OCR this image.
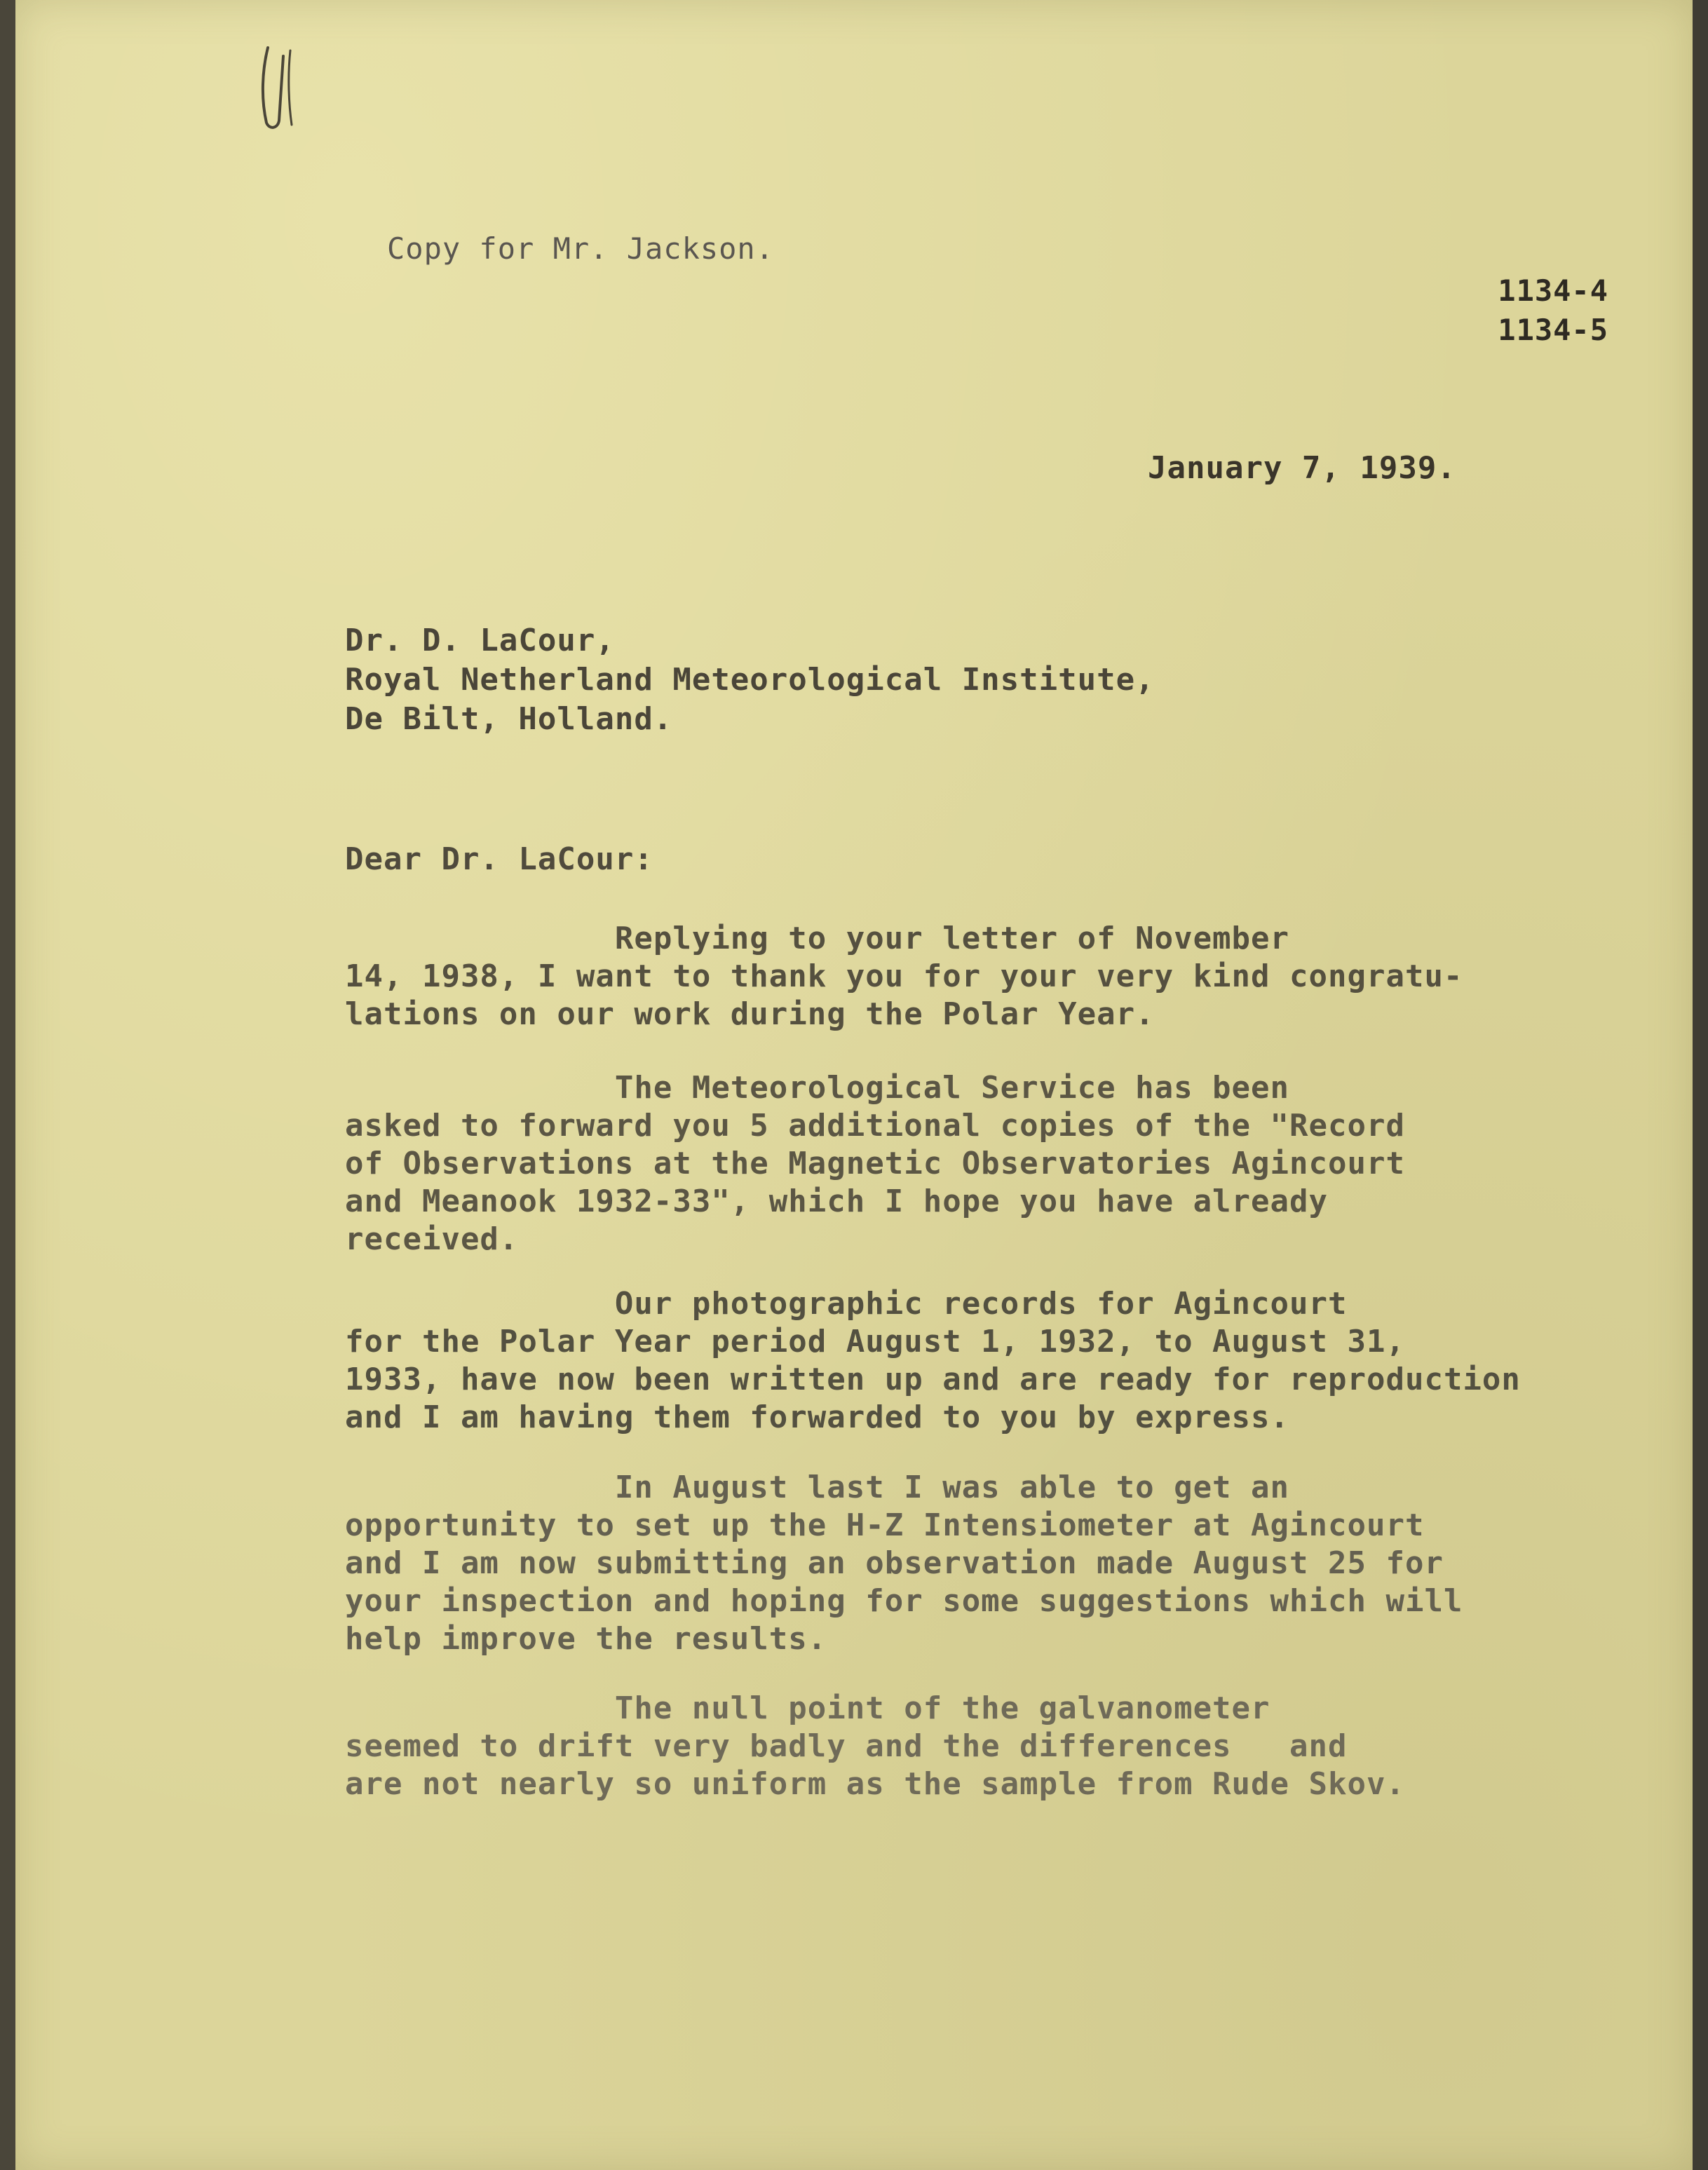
Copy for Mr. Jackson.
1134-4
1134-5
January 7, 1939.
Dr. D. LaCour,
Royal Netherland Meteorological Institute,
De Bilt, Holland.
Dear Dr. LaCour:
Replying to your letter of November
14, 1938, I want to thank you for your very kind congratu-
lations on our work during the Polar Year.
The Meteorological Service has been
asked to forward you 5 additional copies of the "Record
of Observations at the Magnetic Observatories Agincourt
and Meanook 1932-33", which I hope you have already
received.
Our photographic records for Agincourt
for the Polar Year period August 1, 1932, to August 31,
1933, have now been written up and are ready for reproduction
and I am having them forwarded to you by express.
In August last I was able to get an
opportunity to set up the H-Z Intensiometer at Agincourt
and I am now submitting an observation made August 25 for
your inspection and hoping for some suggestions which will
help improve the results.
The null point of the galvanometer
seemed to drift very badly and the differences   and
are not nearly so uniform as the sample from Rude Skov.
